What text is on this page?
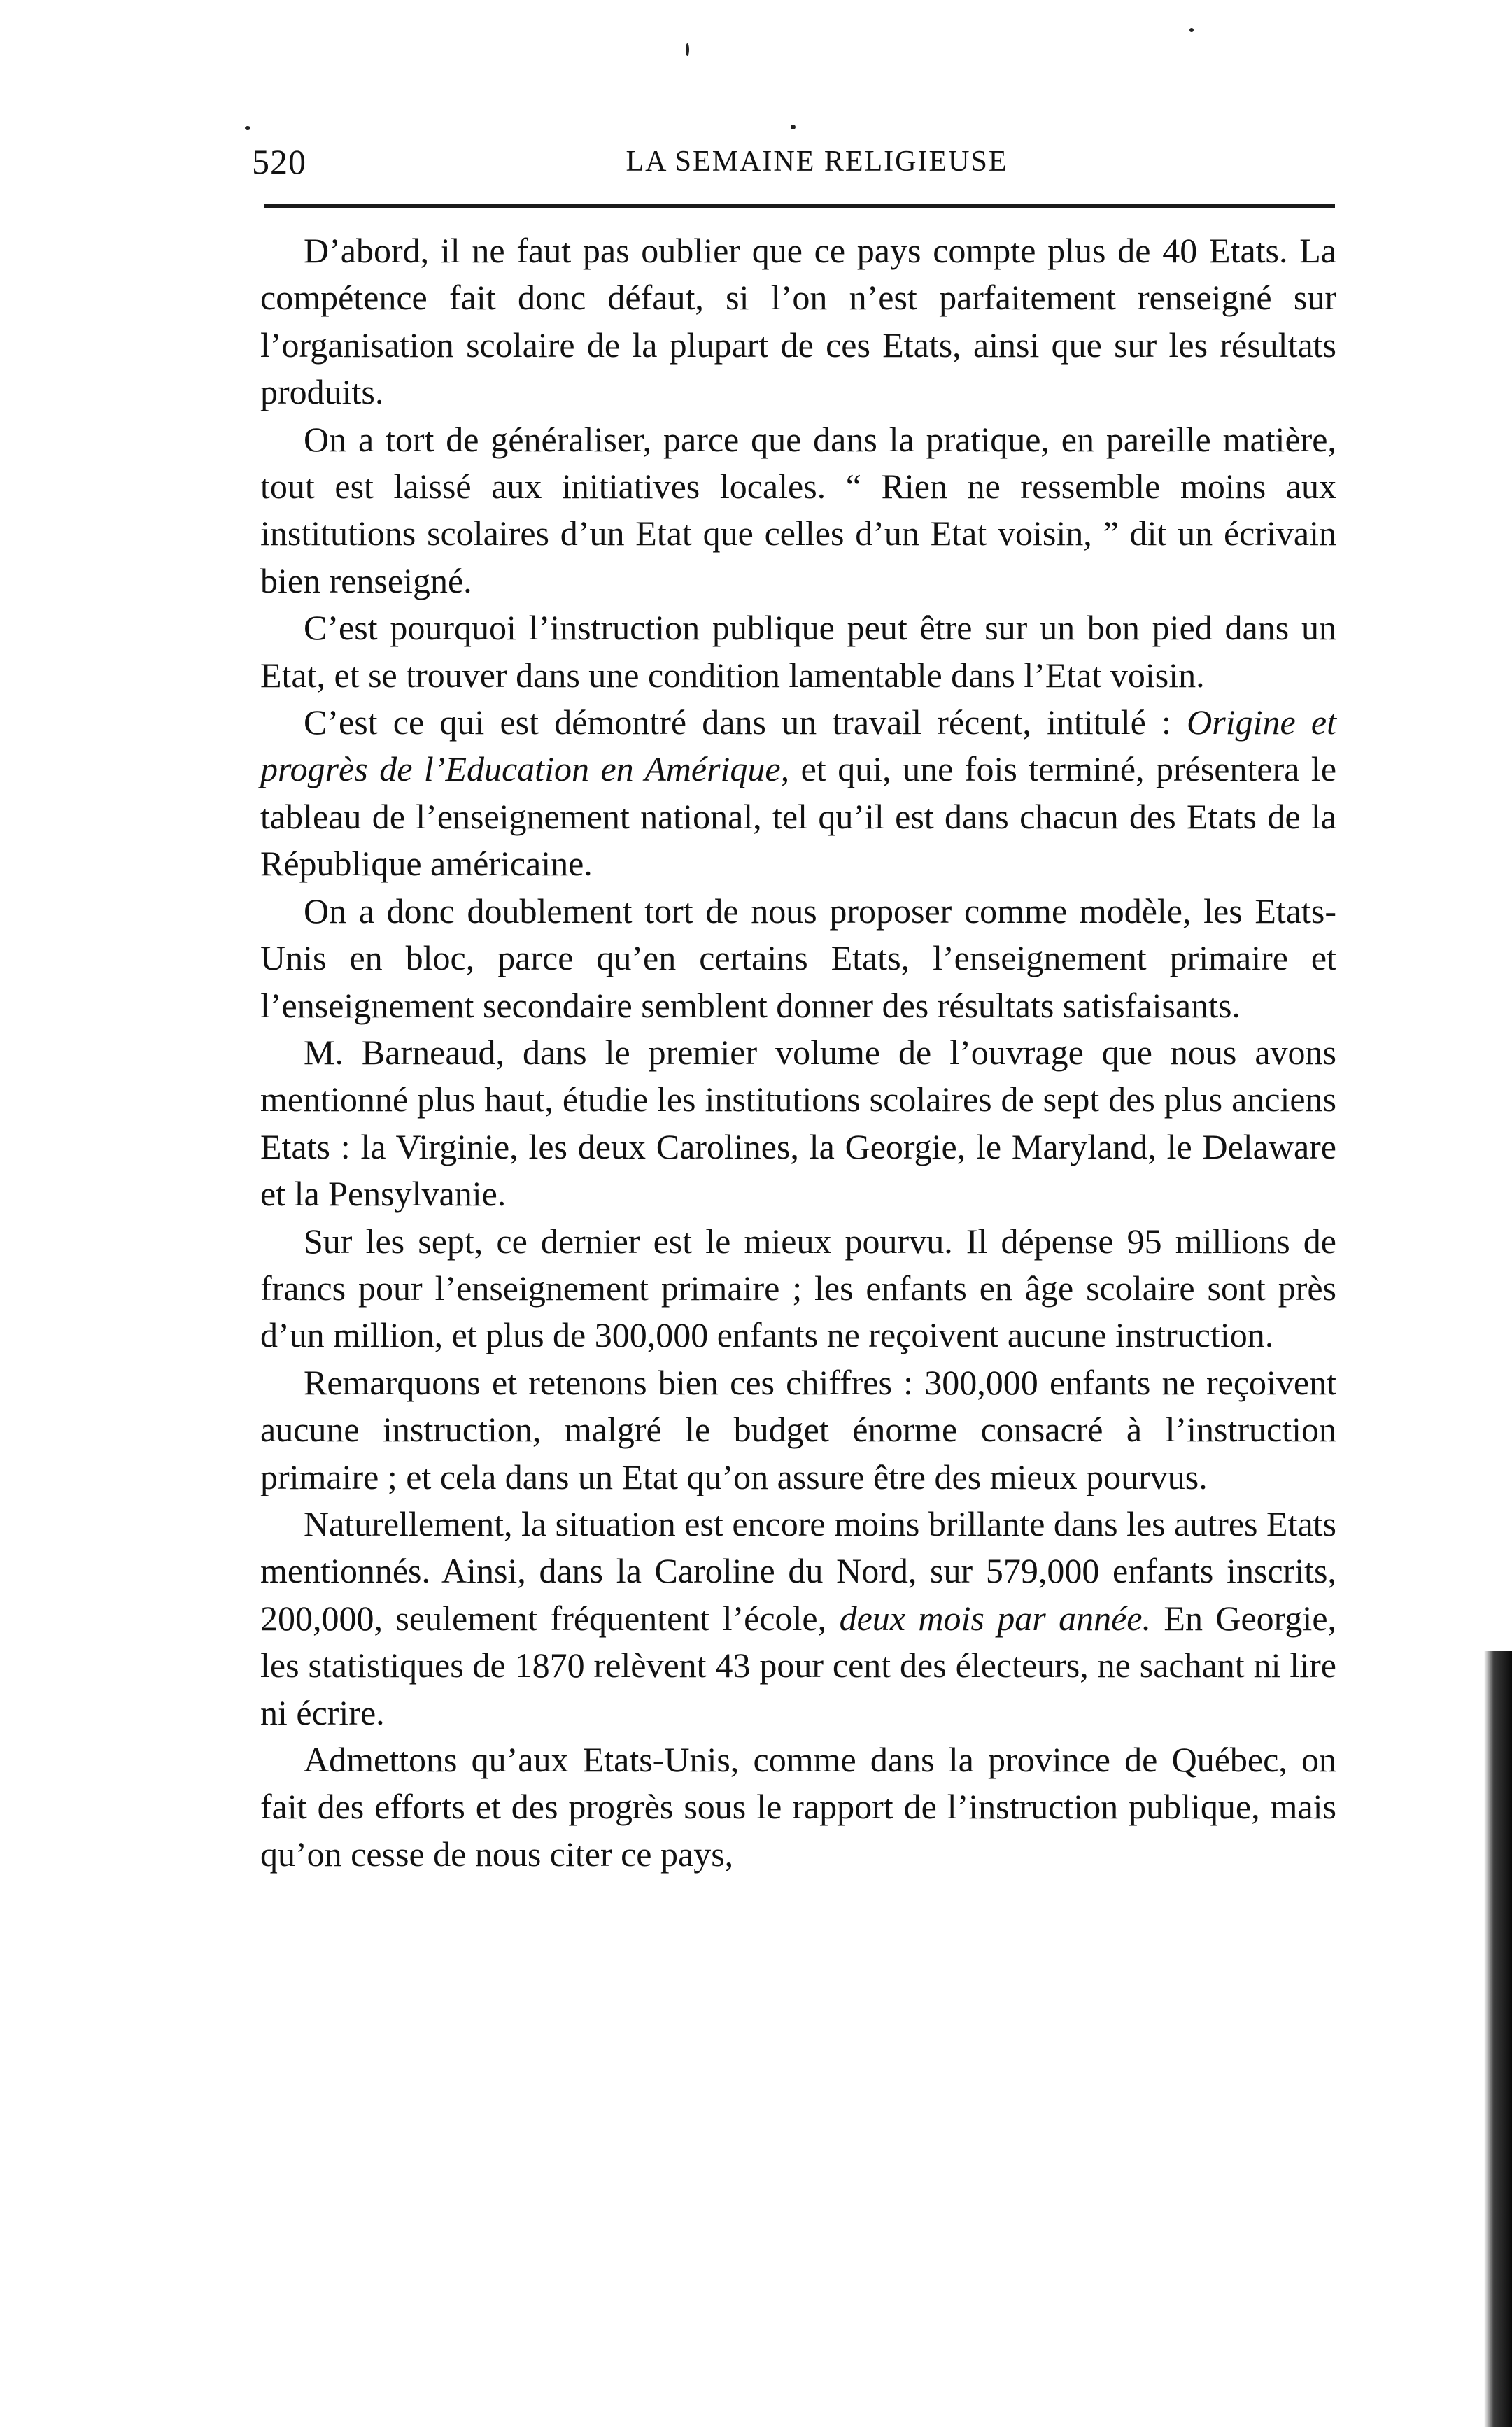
520	LA SEMAINE RELIGIEUSE

D’abord, il ne faut pas oublier que ce pays compte plus de 40 Etats. La compétence fait donc défaut, si l’on n’est parfaitement renseigné sur l’organisation scolaire de la plupart de ces Etats, ainsi que sur les résultats produits.

On a tort de généraliser, parce que dans la pratique, en pareille matière, tout est laissé aux initiatives locales. “ Rien ne ressemble moins aux institutions scolaires d’un Etat que celles d’un Etat voisin, ” dit un écrivain bien renseigné.

C’est pourquoi l’instruction publique peut être sur un bon pied dans un Etat, et se trouver dans une condition lamentable dans l’Etat voisin.

C’est ce qui est démontré dans un travail récent, intitulé : Origine et progrès de l’Education en Amérique, et qui, une fois terminé, présentera le tableau de l’enseignement national, tel qu’il est dans chacun des Etats de la République américaine.

On a donc doublement tort de nous proposer comme modèle, les Etats-Unis en bloc, parce qu’en certains Etats, l’enseignement primaire et l’enseignement secondaire semblent donner des résultats satisfaisants.

M. Barneaud, dans le premier volume de l’ouvrage que nous avons mentionné plus haut, étudie les institutions scolaires de sept des plus anciens Etats : la Virginie, les deux Carolines, la Georgie, le Maryland, le Delaware et la Pensylvanie.

Sur les sept, ce dernier est le mieux pourvu. Il dépense 95 millions de francs pour l’enseignement primaire ; les enfants en âge scolaire sont près d’un million, et plus de 300,000 enfants ne reçoivent aucune instruction.

Remarquons et retenons bien ces chiffres : 300,000 enfants ne reçoivent aucune instruction, malgré le budget énorme consacré à l’instruction primaire ; et cela dans un Etat qu’on assure être des mieux pourvus.

Naturellement, la situation est encore moins brillante dans les autres Etats mentionnés. Ainsi, dans la Caroline du Nord, sur 579,000 enfants inscrits, 200,000, seulement fréquentent l’école, deux mois par année. En Georgie, les statistiques de 1870 relèvent 43 pour cent des électeurs, ne sachant ni lire ni écrire.

Admettons qu’aux Etats-Unis, comme dans la province de Québec, on fait des efforts et des progrès sous le rapport de l’instruction publique, mais qu’on cesse de nous citer ce pays,
